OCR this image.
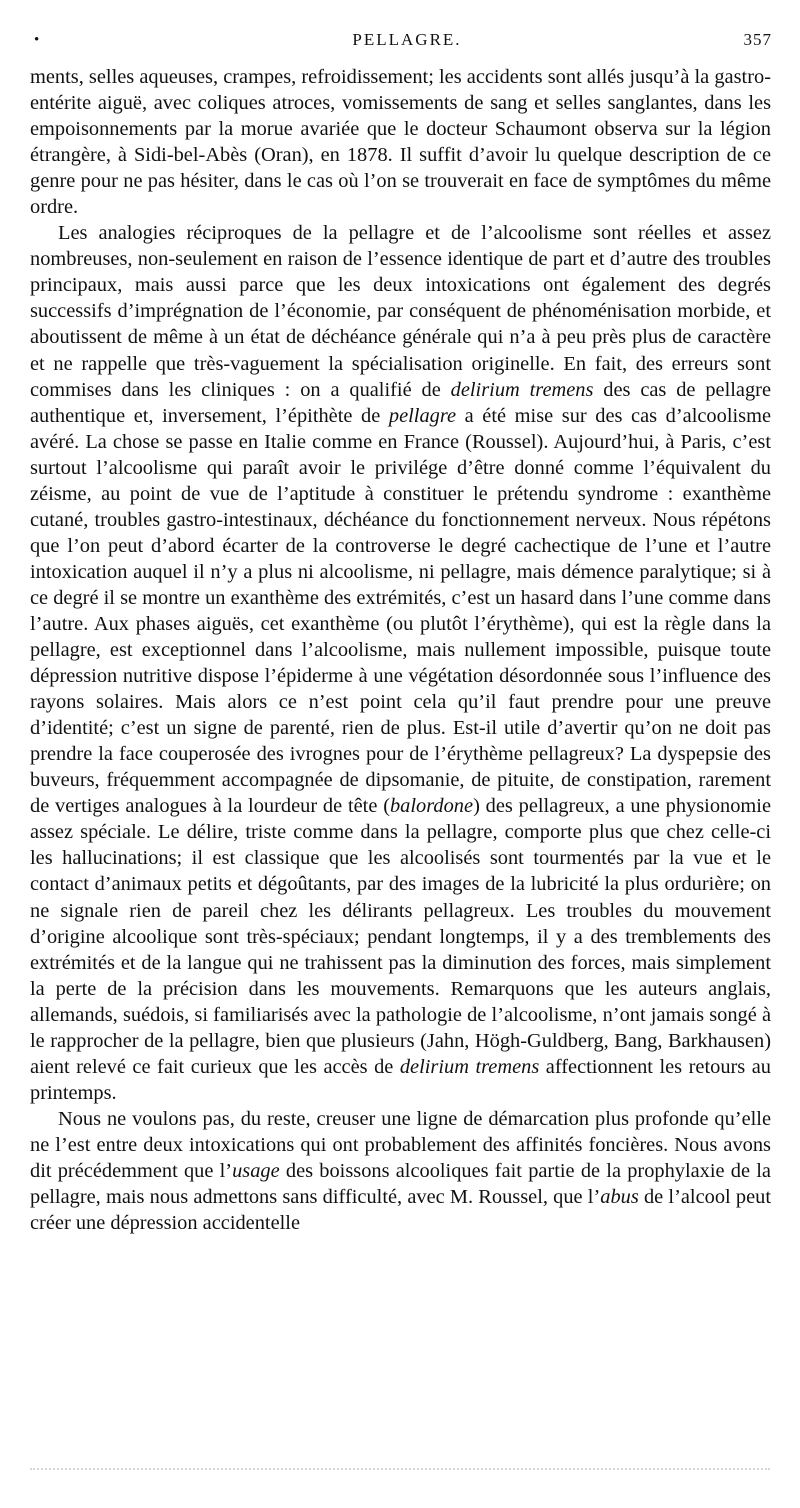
•	PELLAGRE.	357

ments, selles aqueuses, crampes, refroidissement; les accidents sont allés jusqu’à la gastro-entérite aiguë, avec coliques atroces, vomissements de sang et selles sanglantes, dans les empoisonnements par la morue avariée que le docteur Schaumont observa sur la légion étrangère, à Sidi-bel-Abès (Oran), en 1878. Il suffit d’avoir lu quelque description de ce genre pour ne pas hésiter, dans le cas où l’on se trouverait en face de symptômes du même ordre.

Les analogies réciproques de la pellagre et de l’alcoolisme sont réelles et assez nombreuses, non-seulement en raison de l’essence identique de part et d’autre des troubles principaux, mais aussi parce que les deux intoxications ont également des degrés successifs d’imprégnation de l’économie, par conséquent de phénoménisation morbide, et aboutissent de même à un état de déchéance générale qui n’a à peu près plus de caractère et ne rappelle que très-vaguement la spécialisation originelle. En fait, des erreurs sont commises dans les cliniques : on a qualifié de delirium tremens des cas de pellagre authentique et, inversement, l’épithète de pellagre a été mise sur des cas d’alcoolisme avéré. La chose se passe en Italie comme en France (Roussel). Aujourd’hui, à Paris, c’est surtout l’alcoolisme qui paraît avoir le privilége d’être donné comme l’équivalent du zéisme, au point de vue de l’aptitude à constituer le prétendu syndrome : exanthème cutané, troubles gastro-intestinaux, déchéance du fonctionnement nerveux. Nous répétons que l’on peut d’abord écarter de la controverse le degré cachectique de l’une et l’autre intoxication auquel il n’y a plus ni alcoolisme, ni pellagre, mais démence paralytique; si à ce degré il se montre un exanthème des extrémités, c’est un hasard dans l’une comme dans l’autre. Aux phases aiguës, cet exanthème (ou plutôt l’érythème), qui est la règle dans la pellagre, est exceptionnel dans l’alcoolisme, mais nullement impossible, puisque toute dépression nutritive dispose l’épiderme à une végétation désordonnée sous l’influence des rayons solaires. Mais alors ce n’est point cela qu’il faut prendre pour une preuve d’identité; c’est un signe de parenté, rien de plus. Est-il utile d’avertir qu’on ne doit pas prendre la face couperosée des ivrognes pour de l’érythème pellagreux? La dyspepsie des buveurs, fréquemment accompagnée de dipsomanie, de pituite, de constipation, rarement de vertiges analogues à la lourdeur de tête (balordone) des pellagreux, a une physionomie assez spéciale. Le délire, triste comme dans la pellagre, comporte plus que chez celle-ci les hallucinations; il est classique que les alcoolisés sont tourmentés par la vue et le contact d’animaux petits et dégoûtants, par des images de la lubricité la plus ordurière; on ne signale rien de pareil chez les délirants pellagreux. Les troubles du mouvement d’origine alcoolique sont très-spéciaux; pendant longtemps, il y a des tremblements des extrémités et de la langue qui ne trahissent pas la diminution des forces, mais simplement la perte de la précision dans les mouvements. Remarquons que les auteurs anglais, allemands, suédois, si familiarisés avec la pathologie de l’alcoolisme, n’ont jamais songé à le rapprocher de la pellagre, bien que plusieurs (Jahn, Högh-Guldberg, Bang, Barkhausen) aient relevé ce fait curieux que les accès de delirium tremens affectionnent les retours au printemps.

Nous ne voulons pas, du reste, creuser une ligne de démarcation plus profonde qu’elle ne l’est entre deux intoxications qui ont probablement des affinités foncières. Nous avons dit précédemment que l’usage des boissons alcooliques fait partie de la prophylaxie de la pellagre, mais nous admettons sans difficulté, avec M. Roussel, que l’abus de l’alcool peut créer une dépression accidentelle
